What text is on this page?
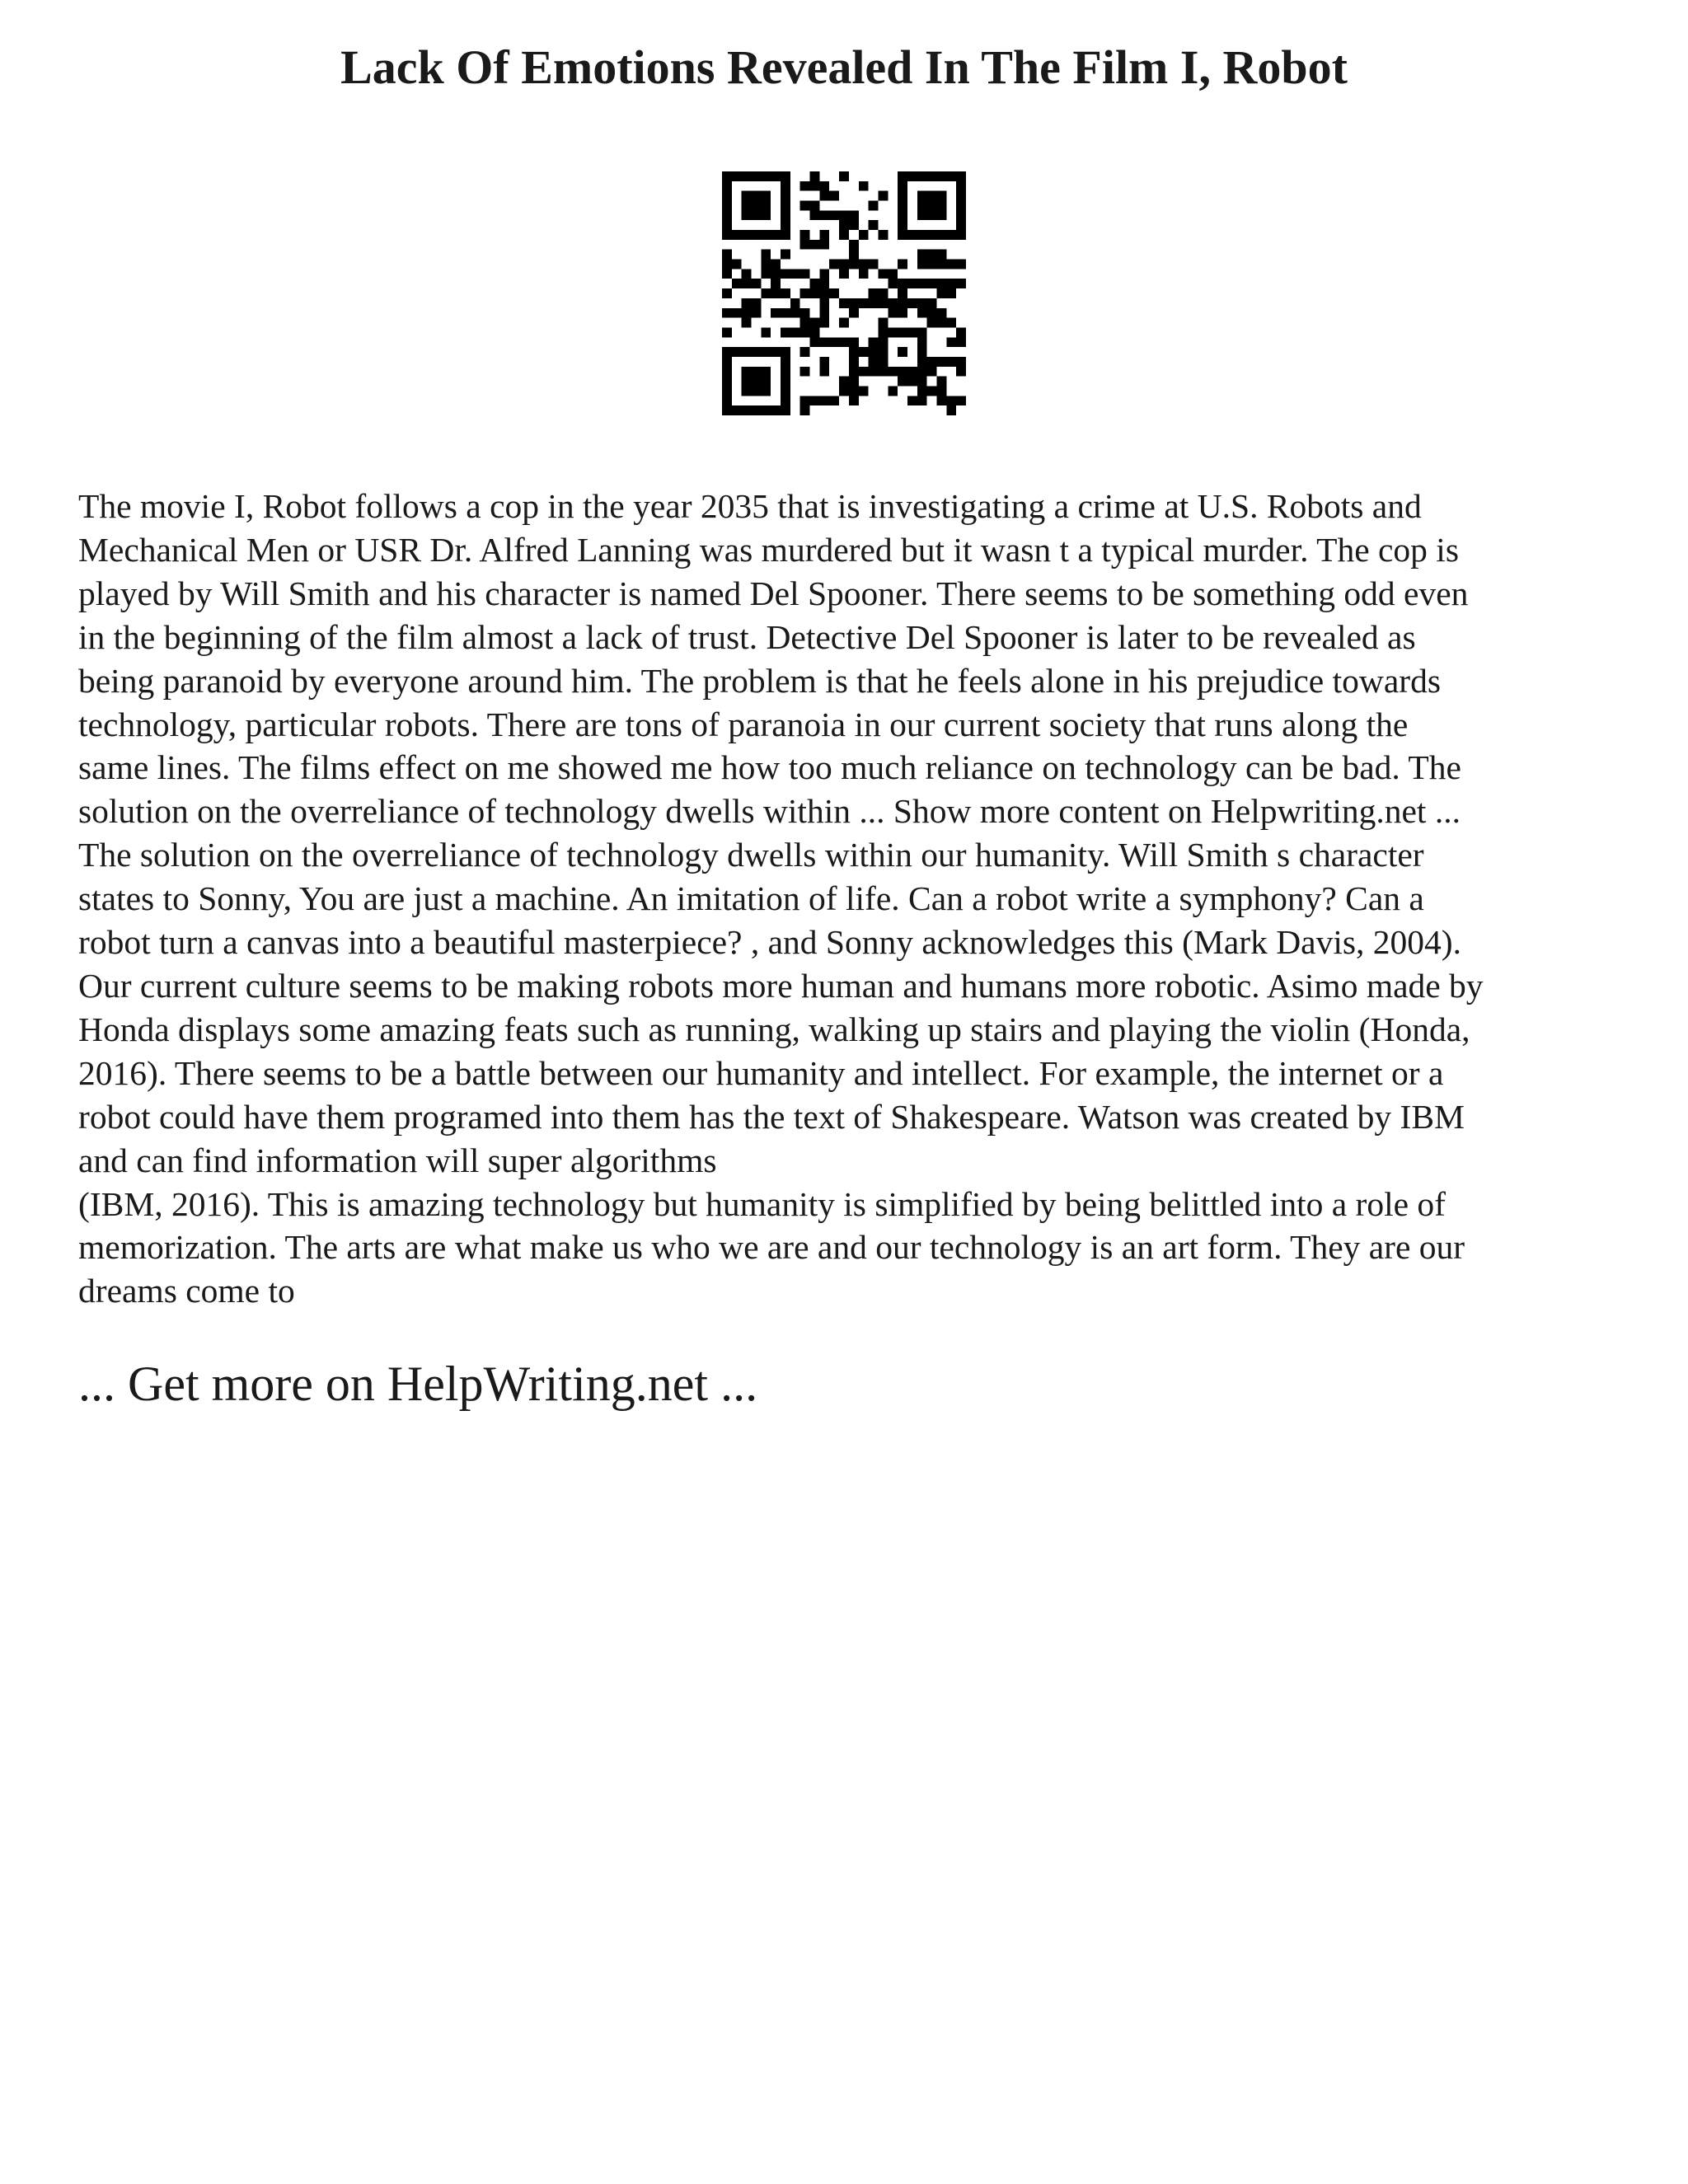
Lack Of Emotions Revealed In The Film I, Robot

The movie I, Robot follows a cop in the year 2035 that is investigating a crime at U.S. Robots and
Mechanical Men or USR Dr. Alfred Lanning was murdered but it wasn t a typical murder. The cop is
played by Will Smith and his character is named Del Spooner. There seems to be something odd even
in the beginning of the film almost a lack of trust. Detective Del Spooner is later to be revealed as
being paranoid by everyone around him. The problem is that he feels alone in his prejudice towards
technology, particular robots. There are tons of paranoia in our current society that runs along the
same lines. The films effect on me showed me how too much reliance on technology can be bad. The
solution on the overreliance of technology dwells within ... Show more content on Helpwriting.net ...
The solution on the overreliance of technology dwells within our humanity. Will Smith s character
states to Sonny, You are just a machine. An imitation of life. Can a robot write a symphony? Can a
robot turn a canvas into a beautiful masterpiece? , and Sonny acknowledges this (Mark Davis, 2004).
Our current culture seems to be making robots more human and humans more robotic. Asimo made by
Honda displays some amazing feats such as running, walking up stairs and playing the violin (Honda,
2016). There seems to be a battle between our humanity and intellect. For example, the internet or a
robot could have them programed into them has the text of Shakespeare. Watson was created by IBM
and can find information will super algorithms
(IBM, 2016). This is amazing technology but humanity is simplified by being belittled into a role of
memorization. The arts are what make us who we are and our technology is an art form. They are our
dreams come to

... Get more on HelpWriting.net ...
